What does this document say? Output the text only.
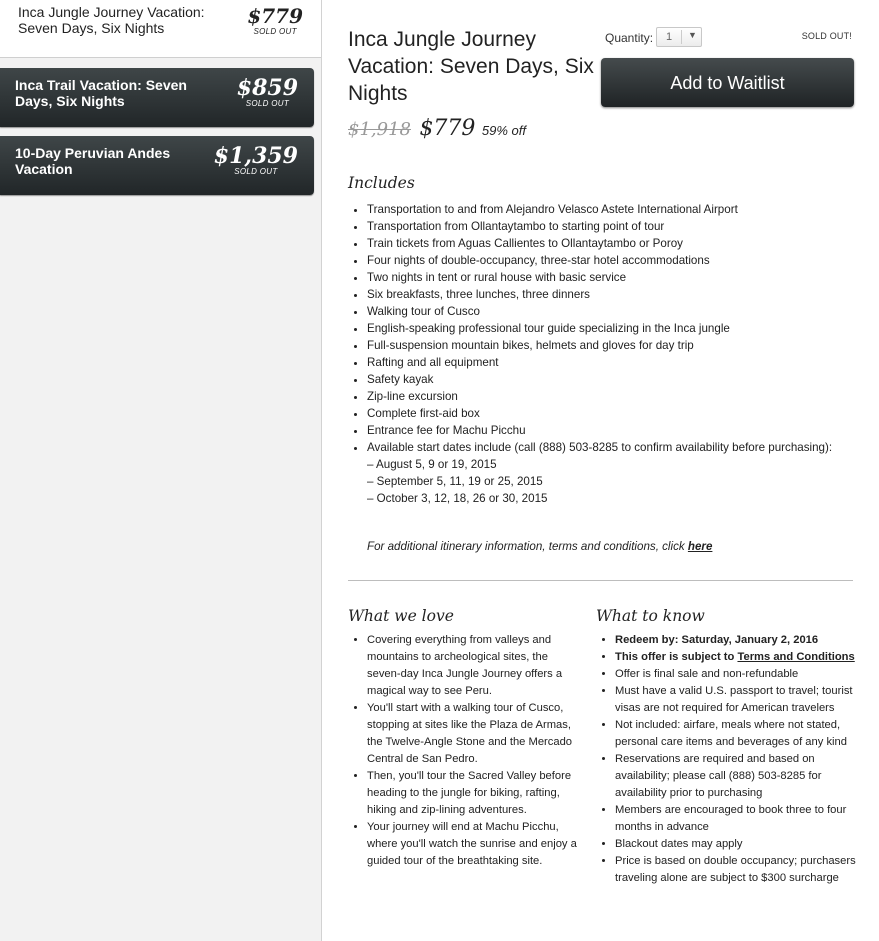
Inca Jungle Journey Vacation: Seven Days, Six Nights	$779
SOLD OUT
Inca Trail Vacation: Seven Days, Six Nights	$859
SOLD OUT
10-Day Peruvian Andes Vacation	$1,359
SOLD OUT
Inca Jungle Journey Vacation: Seven Days, Six Nights
$1,918 $779 59% off
Quantity: 1 ▼	SOLD OUT!
Add to Waitlist
Includes
• Transportation to and from Alejandro Velasco Astete International Airport
• Transportation from Ollantaytambo to starting point of tour
• Train tickets from Aguas Callientes to Ollantaytambo or Poroy
• Four nights of double-occupancy, three-star hotel accommodations
• Two nights in tent or rural house with basic service
• Six breakfasts, three lunches, three dinners
• Walking tour of Cusco
• English-speaking professional tour guide specializing in the Inca jungle
• Full-suspension mountain bikes, helmets and gloves for day trip
• Rafting and all equipment
• Safety kayak
• Zip-line excursion
• Complete first-aid box
• Entrance fee for Machu Picchu
• Available start dates include (call (888) 503-8285 to confirm availability before purchasing):
– August 5, 9 or 19, 2015
– September 5, 11, 19 or 25, 2015
– October 3, 12, 18, 26 or 30, 2015
For additional itinerary information, terms and conditions, click here
What we love
• Covering everything from valleys and mountains to archeological sites, the seven-day Inca Jungle Journey offers a magical way to see Peru.
• You'll start with a walking tour of Cusco, stopping at sites like the Plaza de Armas, the Twelve-Angle Stone and the Mercado Central de San Pedro.
• Then, you'll tour the Sacred Valley before heading to the jungle for biking, rafting, hiking and zip-lining adventures.
• Your journey will end at Machu Picchu, where you'll watch the sunrise and enjoy a guided tour of the breathtaking site.
What to know
• Redeem by: Saturday, January 2, 2016
• This offer is subject to Terms and Conditions
• Offer is final sale and non-refundable
• Must have a valid U.S. passport to travel; tourist visas are not required for American travelers
• Not included: airfare, meals where not stated, personal care items and beverages of any kind
• Reservations are required and based on availability; please call (888) 503-8285 for availability prior to purchasing
• Members are encouraged to book three to four months in advance
• Blackout dates may apply
• Price is based on double occupancy; purchasers traveling alone are subject to $300 surcharge
